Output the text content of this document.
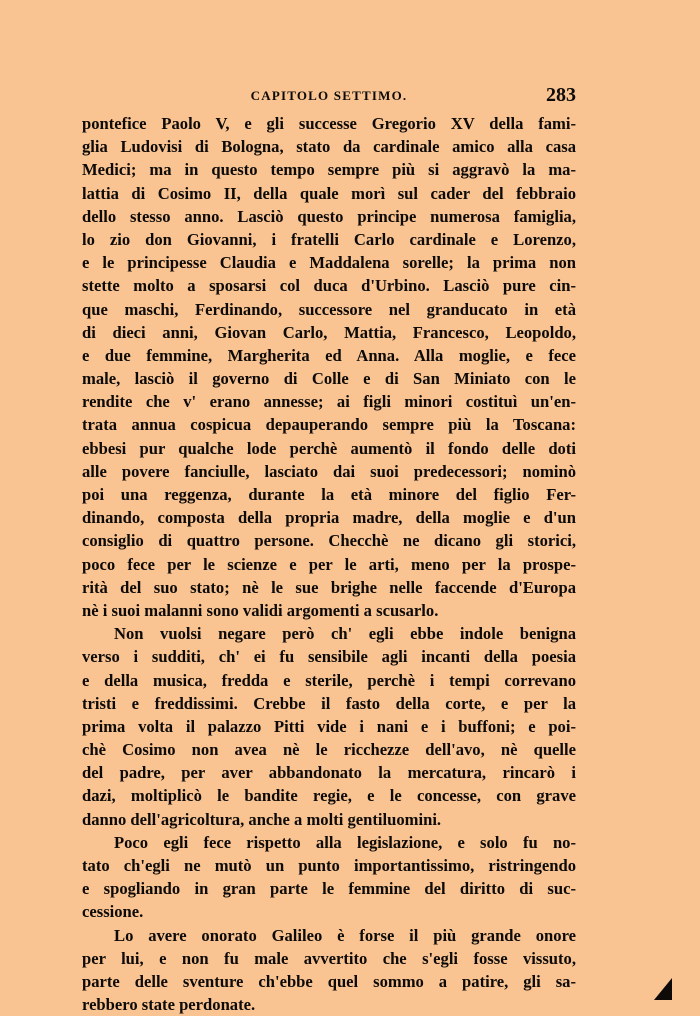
CAPITOLO SETTIMO.	283
pontefice Paolo V, e gli successe Gregorio XV della fami-
glia Ludovisi di Bologna, stato da cardinale amico alla casa
Medici; ma in questo tempo sempre più si aggravò la ma-
lattia di Cosimo II, della quale morì sul cader del febbraio
dello stesso anno. Lasciò questo principe numerosa famiglia,
lo zio don Giovanni, i fratelli Carlo cardinale e Lorenzo,
e le principesse Claudia e Maddalena sorelle; la prima non
stette molto a sposarsi col duca d'Urbino. Lasciò pure cin-
que maschi, Ferdinando, successore nel granducato in età
di dieci anni, Giovan Carlo, Mattia, Francesco, Leopoldo,
e due femmine, Margherita ed Anna. Alla moglie, e fece
male, lasciò il governo di Colle e di San Miniato con le
rendite che v' erano annesse; ai figli minori costituì un'en-
trata annua cospicua depauperando sempre più la Toscana:
ebbesi pur qualche lode perchè aumentò il fondo delle doti
alle povere fanciulle, lasciato dai suoi predecessori; nominò
poi una reggenza, durante la età minore del figlio Fer-
dinando, composta della propria madre, della moglie e d'un
consiglio di quattro persone. Checchè ne dicano gli storici,
poco fece per le scienze e per le arti, meno per la prospe-
rità del suo stato; nè le sue brighe nelle faccende d'Europa
nè i suoi malanni sono validi argomenti a scusarlo.
Non vuolsi negare però ch' egli ebbe indole benigna
verso i sudditi, ch' ei fu sensibile agli incanti della poesia
e della musica, fredda e sterile, perchè i tempi correvano
tristi e freddissimi. Crebbe il fasto della corte, e per la
prima volta il palazzo Pitti vide i nani e i buffoni; e poi-
chè Cosimo non avea nè le ricchezze dell'avo, nè quelle
del padre, per aver abbandonato la mercatura, rincarò i
dazi, moltiplicò le bandite regie, e le concesse, con grave
danno dell'agricoltura, anche a molti gentiluomini.
Poco egli fece rispetto alla legislazione, e solo fu no-
tato ch'egli ne mutò un punto importantissimo, ristringendo
e spogliando in gran parte le femmine del diritto di suc-
cessione.
Lo avere onorato Galileo è forse il più grande onore
per lui, e non fu male avvertito che s'egli fosse vissuto,
parte delle sventure ch'ebbe quel sommo a patire, gli sa-
rebbero state perdonate.
